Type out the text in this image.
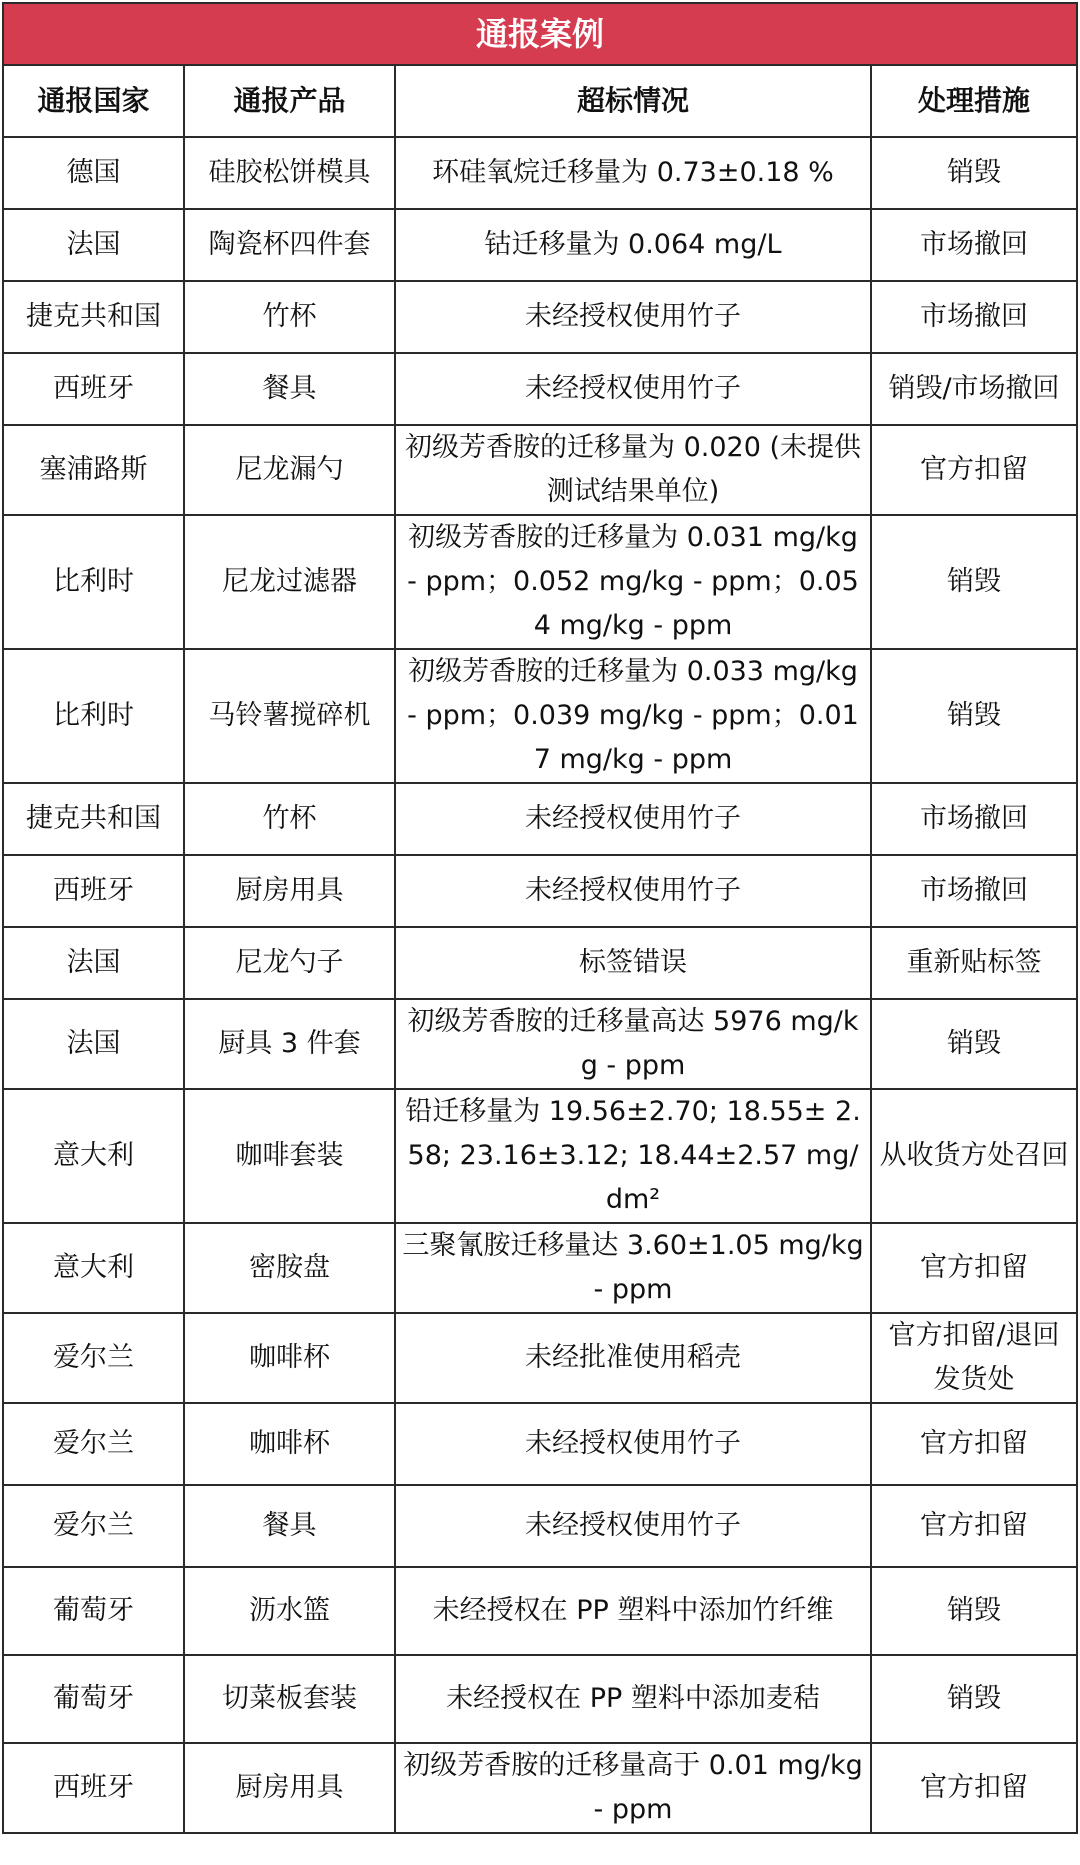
通报案例			
通报国家	通报产品	超标情况	处理措施
德国	硅胶松饼模具	环硅氧烷迁移量为 0.73±0.18 %	销毁
法国	陶瓷杯四件套	钴迁移量为 0.064 mg/L	市场撤回
捷克共和国	竹杯	未经授权使用竹子	市场撤回
西班牙	餐具	未经授权使用竹子	销毁/市场撤回
塞浦路斯	尼龙漏勺	初级芳香胺的迁移量为 0.020 (未提供测试结果单位)	官方扣留
比利时	尼龙过滤器	初级芳香胺的迁移量为 0.031 mg/kg - ppm；0.052 mg/kg - ppm；0.054 mg/kg - ppm	销毁
比利时	马铃薯搅碎机	初级芳香胺的迁移量为 0.033 mg/kg - ppm；0.039 mg/kg - ppm；0.017 mg/kg - ppm	销毁
捷克共和国	竹杯	未经授权使用竹子	市场撤回
西班牙	厨房用具	未经授权使用竹子	市场撤回
法国	尼龙勺子	标签错误	重新贴标签
法国	厨具 3 件套	初级芳香胺的迁移量高达 5976 mg/kg - ppm	销毁
意大利	咖啡套装	铅迁移量为 19.56±2.70; 18.55± 2.58; 23.16±3.12; 18.44±2.57 mg/dm²	从收货方处召回
意大利	密胺盘	三聚氰胺迁移量达 3.60±1.05 mg/kg - ppm	官方扣留
爱尔兰	咖啡杯	未经批准使用稻壳	官方扣留/退回发货处
爱尔兰	咖啡杯	未经授权使用竹子	官方扣留
爱尔兰	餐具	未经授权使用竹子	官方扣留
葡萄牙	沥水篮	未经授权在 PP 塑料中添加竹纤维	销毁
葡萄牙	切菜板套装	未经授权在 PP 塑料中添加麦秸	销毁
西班牙	厨房用具	初级芳香胺的迁移量高于 0.01 mg/kg - ppm	官方扣留
